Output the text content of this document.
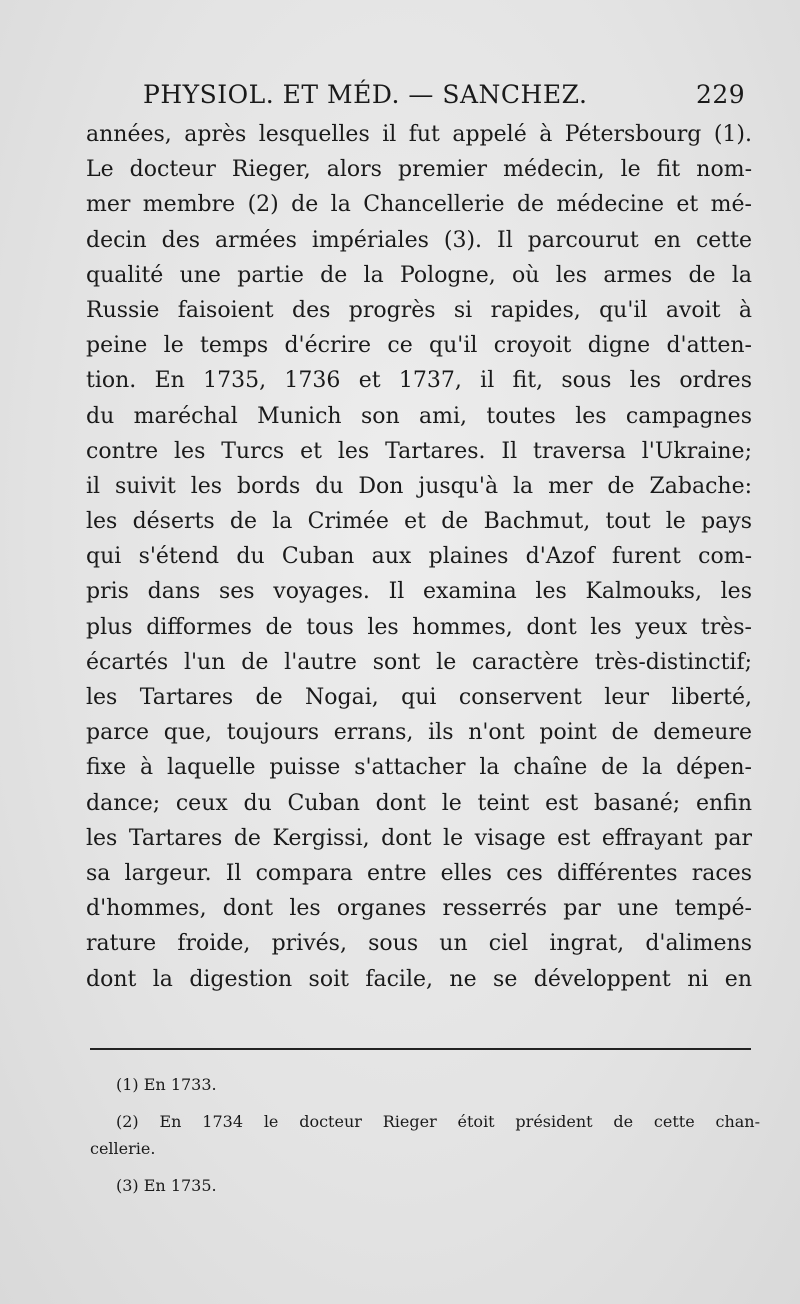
PHYSIOL. ET MÉD. — SANCHEZ.	229
années, après lesquelles il fut appelé à Pétersbourg (1).
Le docteur Rieger, alors premier médecin, le fit nom-
mer membre (2) de la Chancellerie de médecine et mé-
decin des armées impériales (3). Il parcourut en cette
qualité une partie de la Pologne, où les armes de la
Russie faisoient des progrès si rapides, qu'il avoit à
peine le temps d'écrire ce qu'il croyoit digne d'atten-
tion. En 1735, 1736 et 1737, il fit, sous les ordres
du maréchal Munich son ami, toutes les campagnes
contre les Turcs et les Tartares. Il traversa l'Ukraine;
il suivit les bords du Don jusqu'à la mer de Zabache:
les déserts de la Crimée et de Bachmut, tout le pays
qui s'étend du Cuban aux plaines d'Azof furent com-
pris dans ses voyages. Il examina les Kalmouks, les
plus difformes de tous les hommes, dont les yeux très-
écartés l'un de l'autre sont le caractère très-distinctif;
les Tartares de Nogai, qui conservent leur liberté,
parce que, toujours errans, ils n'ont point de demeure
fixe à laquelle puisse s'attacher la chaîne de la dépen-
dance; ceux du Cuban dont le teint est basané; enfin
les Tartares de Kergissi, dont le visage est effrayant par
sa largeur. Il compara entre elles ces différentes races
d'hommes, dont les organes resserrés par une tempé-
rature froide, privés, sous un ciel ingrat, d'alimens
dont la digestion soit facile, ne se développent ni en
(1) En 1733.
(2) En 1734 le docteur Rieger étoit président de cette chan-
cellerie.
(3) En 1735.
